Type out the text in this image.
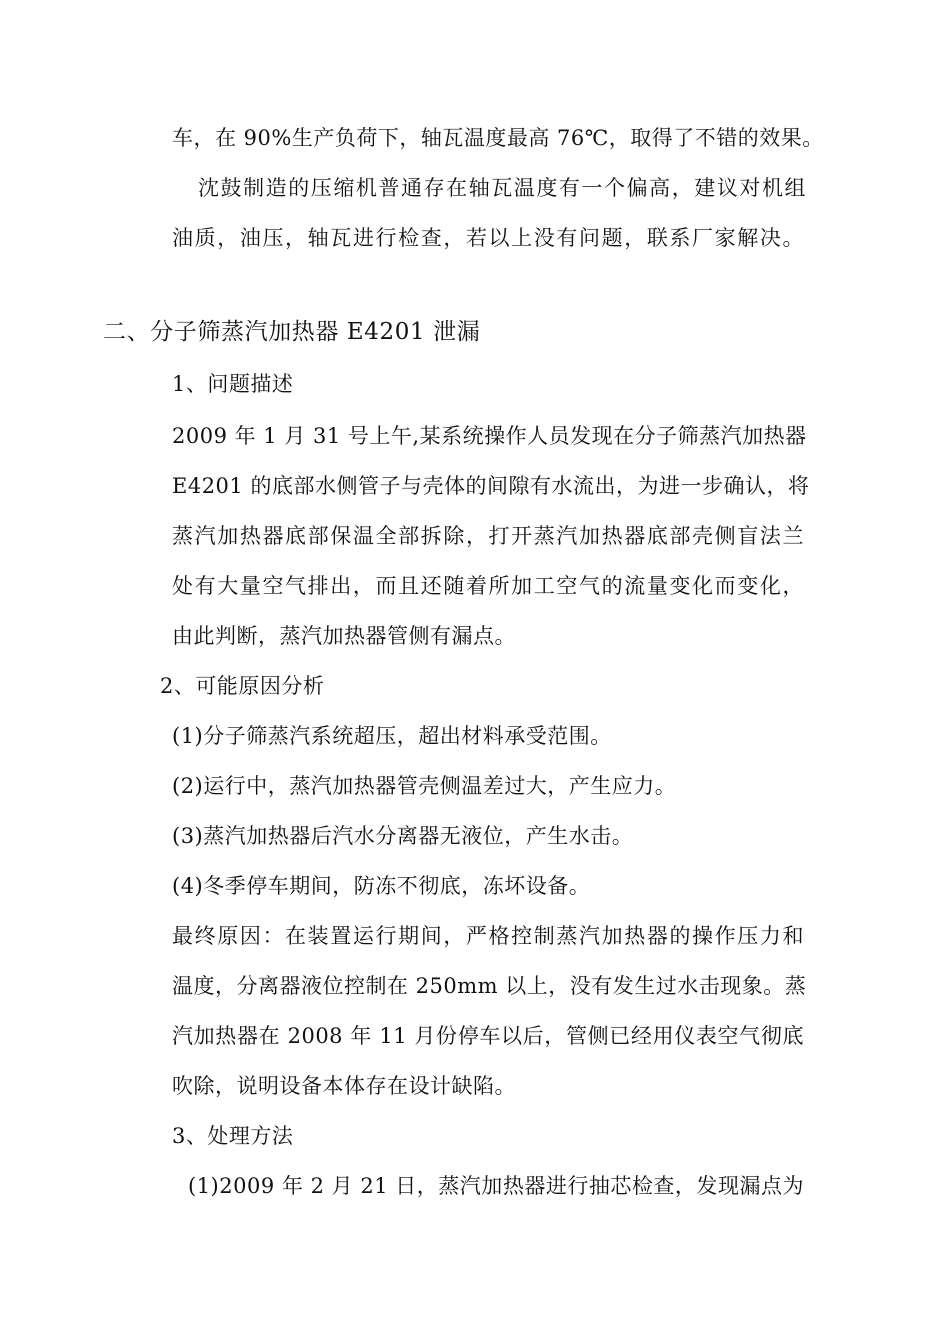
车，在 90%生产负荷下，轴瓦温度最高 76℃，取得了不错的效果。
沈鼓制造的压缩机普通存在轴瓦温度有一个偏高，建议对机组
油质，油压，轴瓦进行检查，若以上没有问题，联系厂家解决。
二、分子筛蒸汽加热器 E4201 泄漏
1、问题描述
2009 年 1 月 31 号上午,某系统操作人员发现在分子筛蒸汽加热器
E4201 的底部水侧管子与壳体的间隙有水流出，为进一步确认，将
蒸汽加热器底部保温全部拆除，打开蒸汽加热器底部壳侧盲法兰
处有大量空气排出，而且还随着所加工空气的流量变化而变化，
由此判断，蒸汽加热器管侧有漏点。
2、可能原因分析
(1)分子筛蒸汽系统超压，超出材料承受范围。
(2)运行中，蒸汽加热器管壳侧温差过大，产生应力。
(3)蒸汽加热器后汽水分离器无液位，产生水击。
(4)冬季停车期间，防冻不彻底，冻坏设备。
最终原因：在装置运行期间，严格控制蒸汽加热器的操作压力和
温度，分离器液位控制在 250mm 以上，没有发生过水击现象。蒸
汽加热器在 2008 年 11 月份停车以后，管侧已经用仪表空气彻底
吹除，说明设备本体存在设计缺陷。
3、处理方法
(1)2009 年 2 月 21 日，蒸汽加热器进行抽芯检查，发现漏点为
